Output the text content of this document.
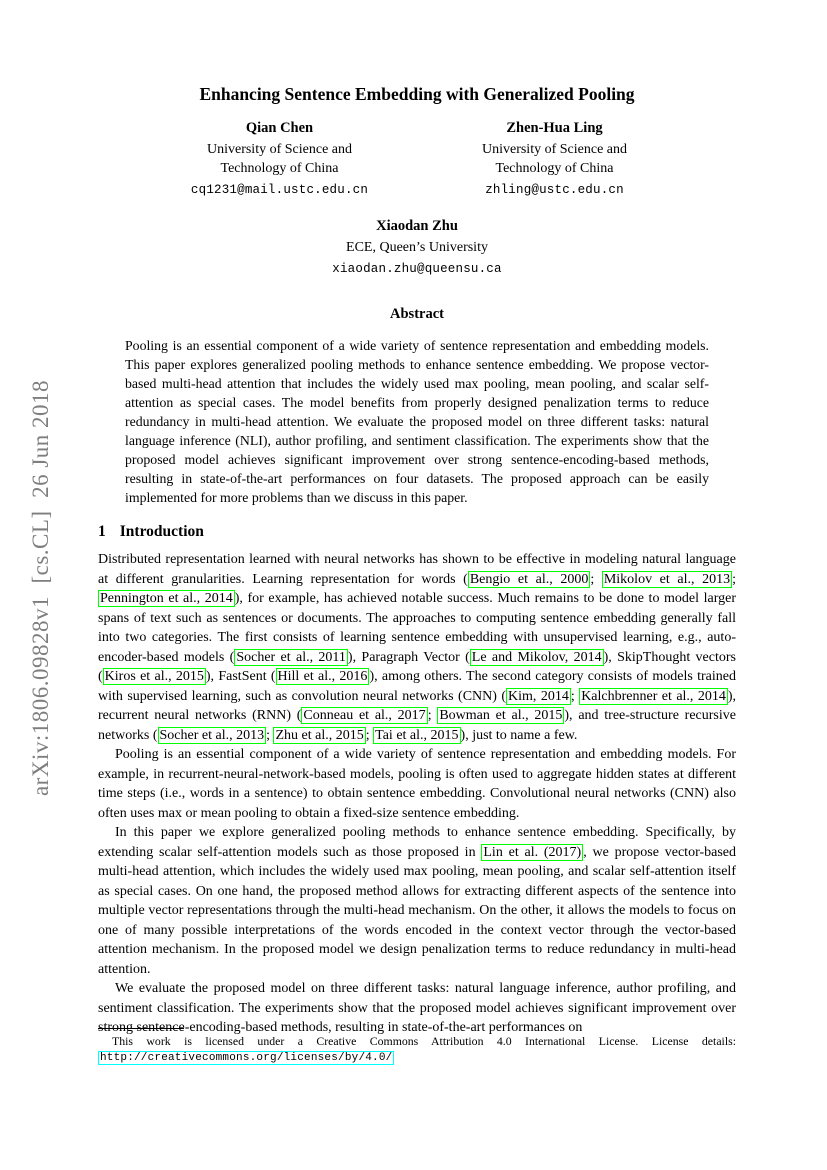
arXiv:1806.09828v1  [cs.CL]  26 Jun 2018
Enhancing Sentence Embedding with Generalized Pooling
Qian Chen
University of Science and
Technology of China
cq1231@mail.ustc.edu.cn
Zhen-Hua Ling
University of Science and
Technology of China
zhling@ustc.edu.cn
Xiaodan Zhu
ECE, Queen’s University
xiaodan.zhu@queensu.ca
Abstract

Pooling is an essential component of a wide variety of sentence representation and embedding models. This paper explores generalized pooling methods to enhance sentence embedding. We propose vector-based multi-head attention that includes the widely used max pooling, mean pooling, and scalar self-attention as special cases. The model benefits from properly designed penalization terms to reduce redundancy in multi-head attention. We evaluate the proposed model on three different tasks: natural language inference (NLI), author profiling, and sentiment classification. The experiments show that the proposed model achieves significant improvement over strong sentence-encoding-based methods, resulting in state-of-the-art performances on four datasets. The proposed approach can be easily implemented for more problems than we discuss in this paper.

1 Introduction

Distributed representation learned with neural networks has shown to be effective in modeling natural language at different granularities. Learning representation for words ( Bengio et al., 2000 ; Mikolov et al., 2013 ; Pennington et al., 2014 ), for example, has achieved notable success. Much remains to be done to model larger spans of text such as sentences or documents. The approaches to computing sentence embedding generally fall into two categories. The first consists of learning sentence embedding with unsupervised learning, e.g., auto-encoder-based models ( Socher et al., 2011 ), Paragraph Vector ( Le and Mikolov, 2014 ), SkipThought vectors ( Kiros et al., 2015 ), FastSent ( Hill et al., 2016 ), among others. The second category consists of models trained with supervised learning, such as convolution neural networks (CNN) ( Kim, 2014 ; Kalchbrenner et al., 2014 ), recurrent neural networks (RNN) ( Conneau et al., 2017 ; Bowman et al., 2015 ), and tree-structure recursive networks ( Socher et al., 2013 ; Zhu et al., 2015 ; Tai et al., 2015 ), just to name a few.

Pooling is an essential component of a wide variety of sentence representation and embedding models. For example, in recurrent-neural-network-based models, pooling is often used to aggregate hidden states at different time steps (i.e., words in a sentence) to obtain sentence embedding. Convolutional neural networks (CNN) also often uses max or mean pooling to obtain a fixed-size sentence embedding.

In this paper we explore generalized pooling methods to enhance sentence embedding. Specifically, by extending scalar self-attention models such as those proposed in Lin et al. (2017) , we propose vector-based multi-head attention, which includes the widely used max pooling, mean pooling, and scalar self-attention itself as special cases. On one hand, the proposed method allows for extracting different aspects of the sentence into multiple vector representations through the multi-head mechanism. On the other, it allows the models to focus on one of many possible interpretations of the words encoded in the context vector through the vector-based attention mechanism. In the proposed model we design penalization terms to reduce redundancy in multi-head attention.

We evaluate the proposed model on three different tasks: natural language inference, author profiling, and sentiment classification. The experiments show that the proposed model achieves significant improvement over strong sentence-encoding-based methods, resulting in state-of-the-art performances on

This work is licensed under a Creative Commons Attribution 4.0 International License. License details: http://creativecommons.org/licenses/by/4.0/
